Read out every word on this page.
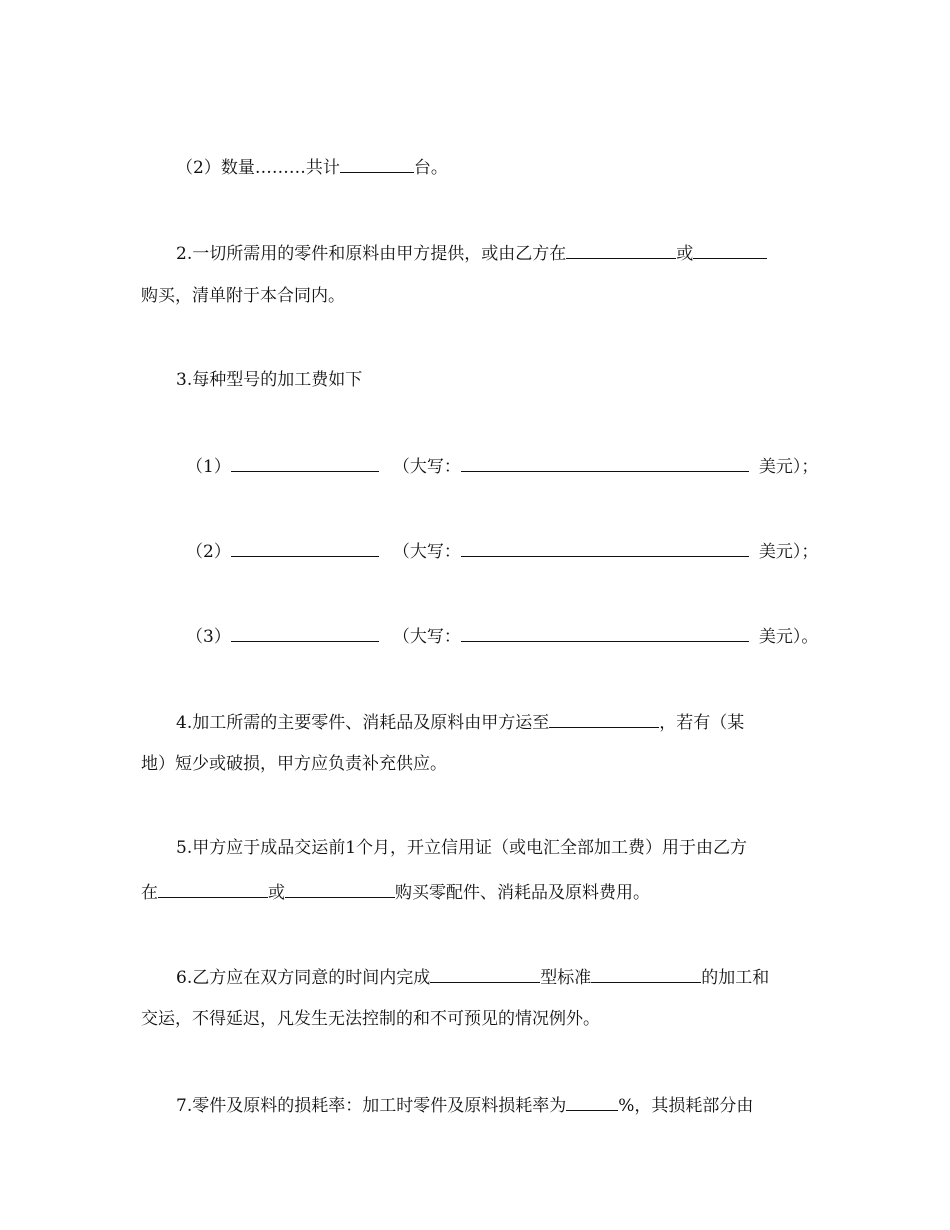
（2）数量………共计	台。
2.一切所需用的零件和原料由甲方提供，或由乙方在	或
购买，清单附于本合同内。
3.每种型号的加工费如下
（1）	（大写：	美元）；
（2）	（大写：	美元）；
（3）	（大写：	美元）。
4.加工所需的主要零件、消耗品及原料由甲方运至	，若有（某
地）短少或破损，甲方应负责补充供应。
5.甲方应于成品交运前1个月，开立信用证（或电汇全部加工费）用于由乙方
在	或	购买零配件、消耗品及原料费用。
6.乙方应在双方同意的时间内完成	型标准	的加工和
交运，不得延迟，凡发生无法控制的和不可预见的情况例外。
7.零件及原料的损耗率：加工时零件及原料损耗率为	%，其损耗部分由
